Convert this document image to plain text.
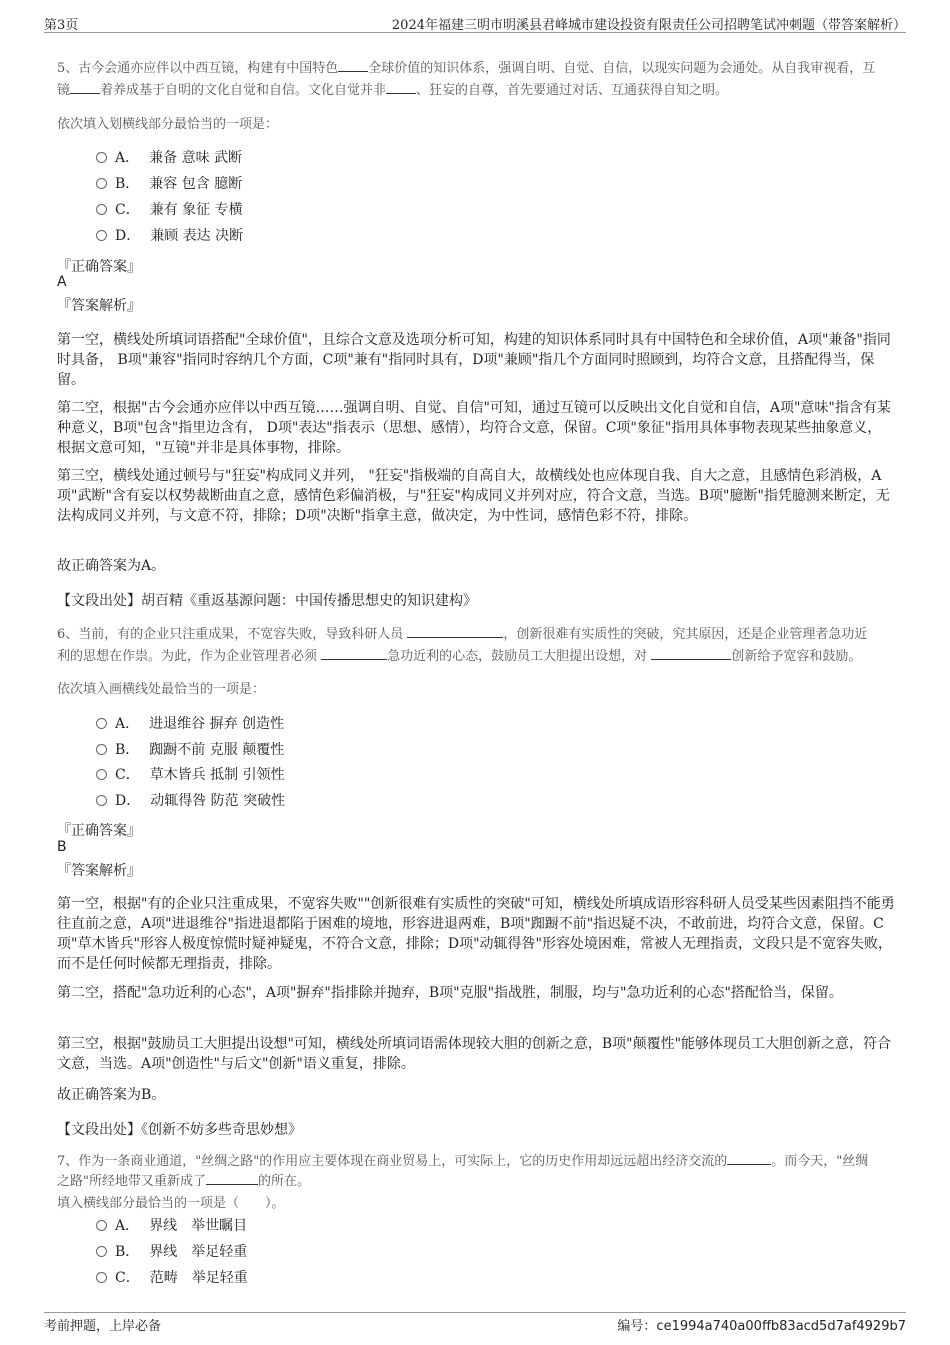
第3页	2024年福建三明市明溪县君峰城市建设投资有限责任公司招聘笔试冲刺题（带答案解析）

5、古今会通亦应伴以中西互镜，构建有中国特色 全球价值的知识体系，强调自明、自觉、自信，以现实问题为会通处。从自我审视看，互

镜 着养成基于自明的文化自觉和自信。文化自觉并非 、狂妄的自尊，首先要通过对话、互通获得自知之明。

依次填入划横线部分最恰当的一项是：
A． 兼备 意味 武断
B． 兼容 包含 臆断
C． 兼有 象征 专横
D． 兼顾 表达 决断
『正确答案』
A
『答案解析』
第一空，横线处所填词语搭配"全球价值"，且综合文意及选项分析可知，构建的知识体系同时具有中国特色和全球价值，A项"兼备"指同时具备， B项"兼容"指同时容纳几个方面，C项"兼有"指同时具有，D项"兼顾"指几个方面同时照顾到，均符合文意，且搭配得当，保留。
第二空，根据"古今会通亦应伴以中西互镜……强调自明、自觉、自信"可知，通过互镜可以反映出文化自觉和自信，A项"意味"指含有某种意义，B项"包含"指里边含有， D项"表达"指表示（思想、感情），均符合文意，保留。C项"象征"指用具体事物表现某些抽象意义，根据文意可知，"互镜"并非是具体事物，排除。
第三空，横线处通过顿号与"狂妄"构成同义并列， "狂妄"指极端的自高自大，故横线处也应体现自我、自大之意，且感情色彩消极，A项"武断"含有妄以权势裁断曲直之意，感情色彩偏消极，与"狂妄"构成同义并列对应，符合文意，当选。B项"臆断"指凭臆测来断定，无法构成同义并列，与文意不符，排除；D项"决断"指拿主意，做决定，为中性词，感情色彩不符，排除。
故正确答案为A。
【文段出处】胡百精《重返基源问题：中国传播思想史的知识建构》

6、当前，有的企业只注重成果，不宽容失败，导致科研人员	，创新很难有实质性的突破，究其原因，还是企业管理者急功近

利的思想在作祟。为此，作为企业管理者必须	急功近利的心态，鼓励员工大胆提出设想，对	创新给予宽容和鼓励。

依次填入画横线处最恰当的一项是：
A． 进退维谷 摒弃 创造性
B． 踟蹰不前 克服 颠覆性
C． 草木皆兵 抵制 引领性
D． 动辄得咎 防范 突破性
『正确答案』
B
『答案解析』
第一空，根据"有的企业只注重成果，不宽容失败""创新很难有实质性的突破"可知，横线处所填成语形容科研人员受某些因素阻挡不能勇往直前之意，A项"进退维谷"指进退都陷于困难的境地，形容进退两难，B项"踟蹰不前"指迟疑不决，不敢前进，均符合文意，保留。C项"草木皆兵"形容人极度惊慌时疑神疑鬼，不符合文意，排除；D项"动辄得咎"形容处境困难，常被人无理指责，文段只是不宽容失败，而不是任何时候都无理指责，排除。
第二空，搭配"急功近利的心态"，A项"摒弃"指排除并抛弃，B项"克服"指战胜，制服，均与"急功近利的心态"搭配恰当，保留。
第三空，根据"鼓励员工大胆提出设想"可知，横线处所填词语需体现较大胆的创新之意，B项"颠覆性"能够体现员工大胆创新之意，符合文意，当选。A项"创造性"与后文"创新"语义重复，排除。
故正确答案为B。
【文段出处】《创新不妨多些奇思妙想》

7、作为一条商业通道，"丝绸之路"的作用应主要体现在商业贸易上，可实际上，它的历史作用却远远超出经济交流的	。而今天，"丝绸

之路"所经地带又重新成了	的所在。

填入横线部分最恰当的一项是（　　）。
A． 界线　举世瞩目
B． 界线　举足轻重
C． 范畴　举足轻重
考前押题，上岸必备	编号：ce1994a740a00ffb83acd5d7af4929b7
